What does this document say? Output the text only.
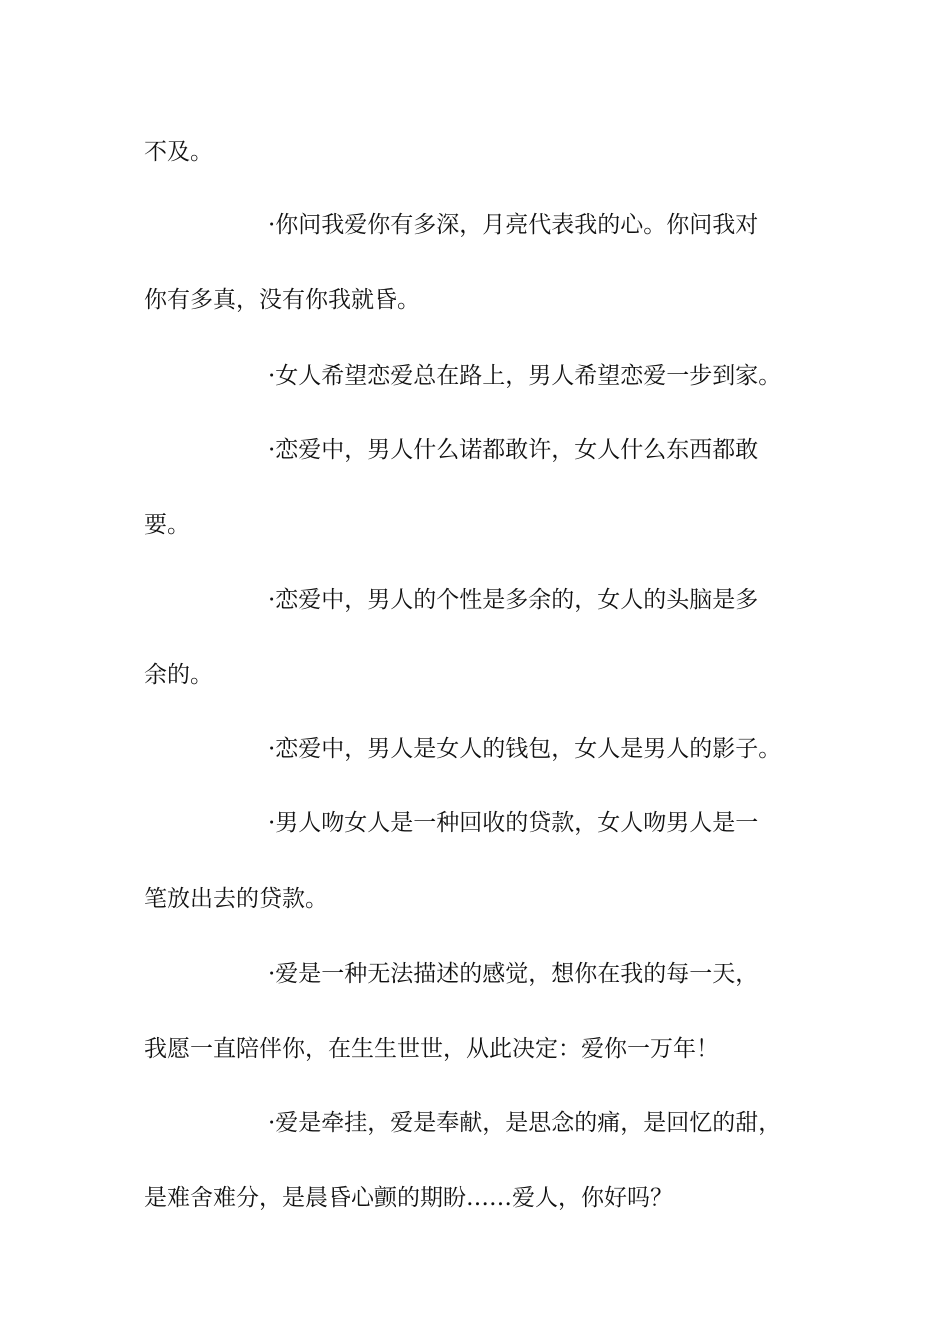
不及。
·你问我爱你有多深，月亮代表我的心。你问我对
你有多真，没有你我就昏。
·女人希望恋爱总在路上，男人希望恋爱一步到家。
·恋爱中，男人什么诺都敢许，女人什么东西都敢
要。
·恋爱中，男人的个性是多余的，女人的头脑是多
余的。
·恋爱中，男人是女人的钱包，女人是男人的影子。
·男人吻女人是一种回收的贷款，女人吻男人是一
笔放出去的贷款。
·爱是一种无法描述的感觉，想你在我的每一天，
我愿一直陪伴你，在生生世世，从此决定：爱你一万年！
·爱是牵挂，爱是奉献，是思念的痛，是回忆的甜，
是难舍难分，是晨昏心颤的期盼……爱人，你好吗？
